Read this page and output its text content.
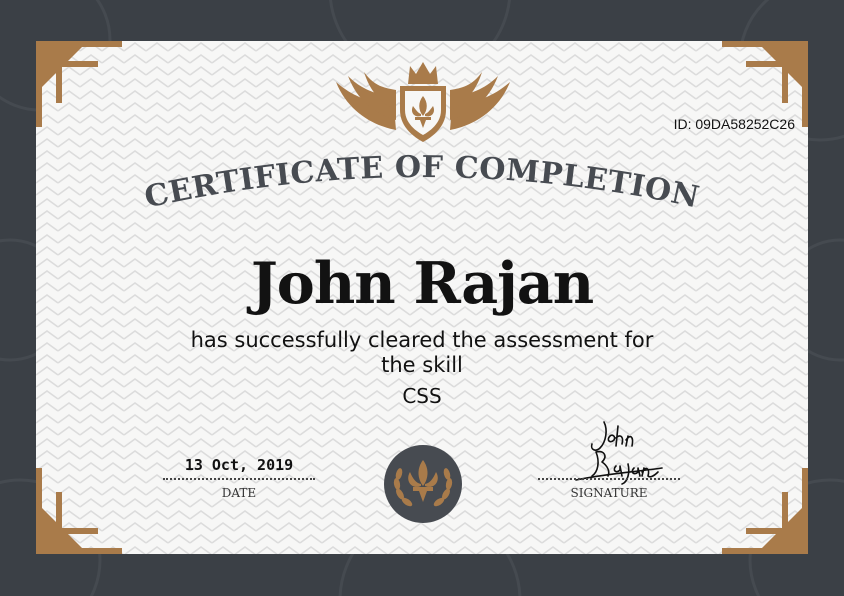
ID: 09DA58252C26
CERTIFICATE OF COMPLETION
John Rajan
has successfully cleared the assessment for the skill
CSS
13 Oct, 2019
DATE	SIGNATURE
